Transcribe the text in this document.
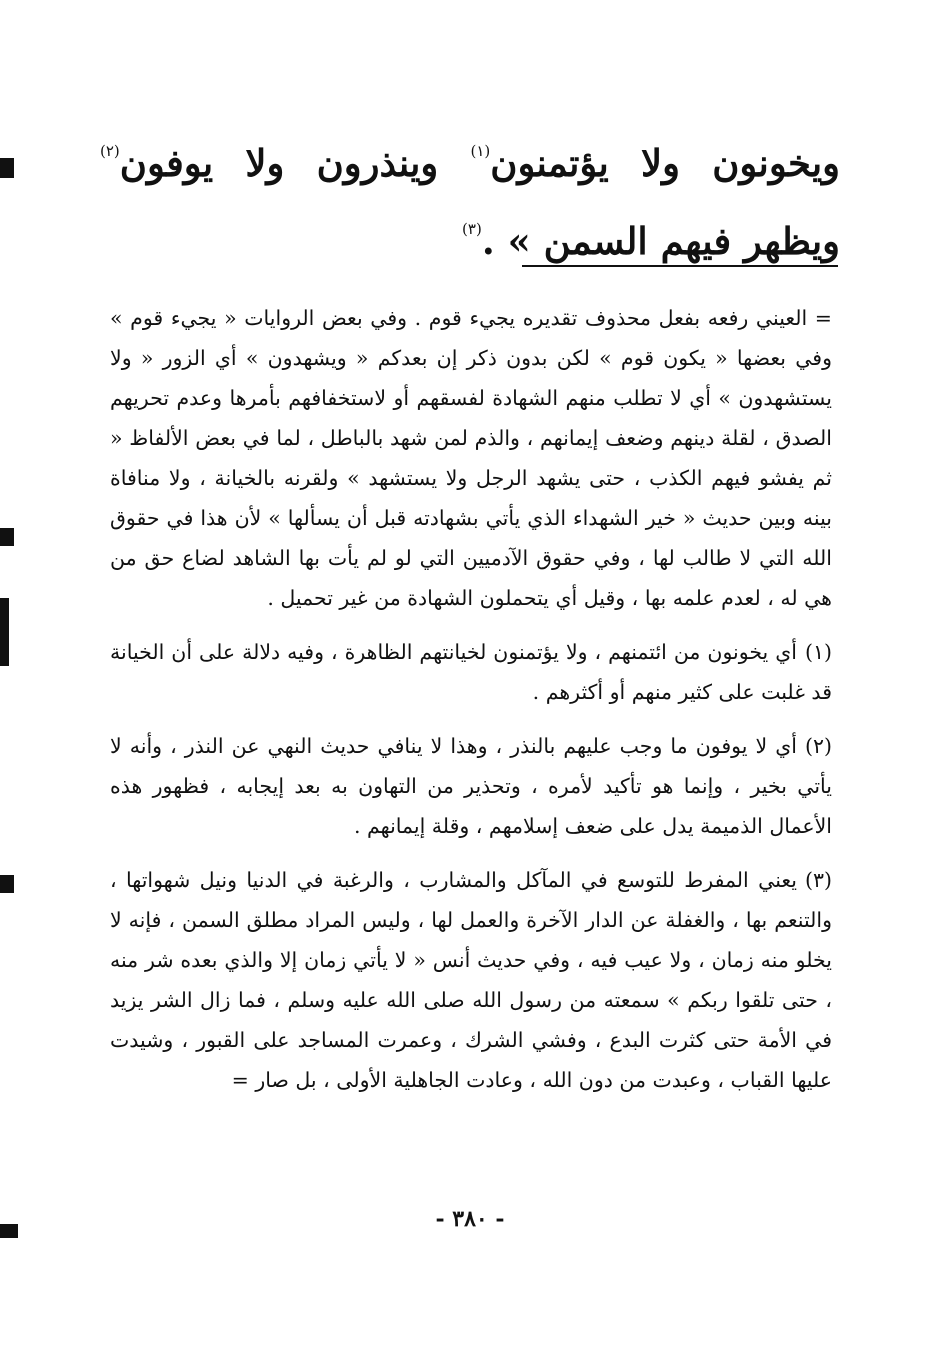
ويخونون ولا يؤتمنون$^{(١)}$ وينذرون ولا يوفون$^{(٢)}$ ويظهر فيهم السمن » .$^{(٣)}$

= العيني رفعه بفعل محذوف تقديره يجيء قوم . وفي بعض الروايات « يجيء قوم » وفي بعضها « يكون قوم » لكن بدون ذكر إن بعدكم « ويشهدون » أي الزور « ولا يستشهدون » أي لا تطلب منهم الشهادة لفسقهم أو لاستخفافهم بأمرها وعدم تحريهم الصدق ، لقلة دينهم وضعف إيمانهم ، والذم لمن شهد بالباطل ، لما في بعض الألفاظ « ثم يفشو فيهم الكذب ، حتى يشهد الرجل ولا يستشهد » ولقرنه بالخيانة ، ولا منافاة بينه وبين حديث « خير الشهداء الذي يأتي بشهادته قبل أن يسألها » لأن هذا في حقوق الله التي لا طالب لها ، وفي حقوق الآدميين التي لو لم يأت بها الشاهد لضاع حق من هي له ، لعدم علمه بها ، وقيل أي يتحملون الشهادة من غير تحميل .

(١)أي يخونون من ائتمنهم ، ولا يؤتمنون لخيانتهم الظاهرة ، وفيه دلالة على أن الخيانة قد غلبت على كثير منهم أو أكثرهم .

(٢)أي لا يوفون ما وجب عليهم بالنذر ، وهذا لا ينافي حديث النهي عن النذر ، وأنه لا يأتي بخير ، وإنما هو تأكيد لأمره ، وتحذير من التهاون به بعد إيجابه ، فظهور هذه الأعمال الذميمة يدل على ضعف إسلامهم ، وقلة إيمانهم .

(٣)يعني المفرط للتوسع في المآكل والمشارب ، والرغبة في الدنيا ونيل شهواتها ، والتنعم بها ، والغفلة عن الدار الآخرة والعمل لها ، وليس المراد مطلق السمن ، فإنه لا يخلو منه زمان ، ولا عيب فيه ، وفي حديث أنس « لا يأتي زمان إلا والذي بعده شر منه ، حتى تلقوا ربكم » سمعته من رسول الله صلى الله عليه وسلم ، فما زال الشر يزيد في الأمة حتى كثرت البدع ، وفشي الشرك ، وعمرت المساجد على القبور ، وشيدت عليها القباب ، وعبدت من دون الله ، وعادت الجاهلية الأولى ، بل صار =

- ٣٨٠ -
